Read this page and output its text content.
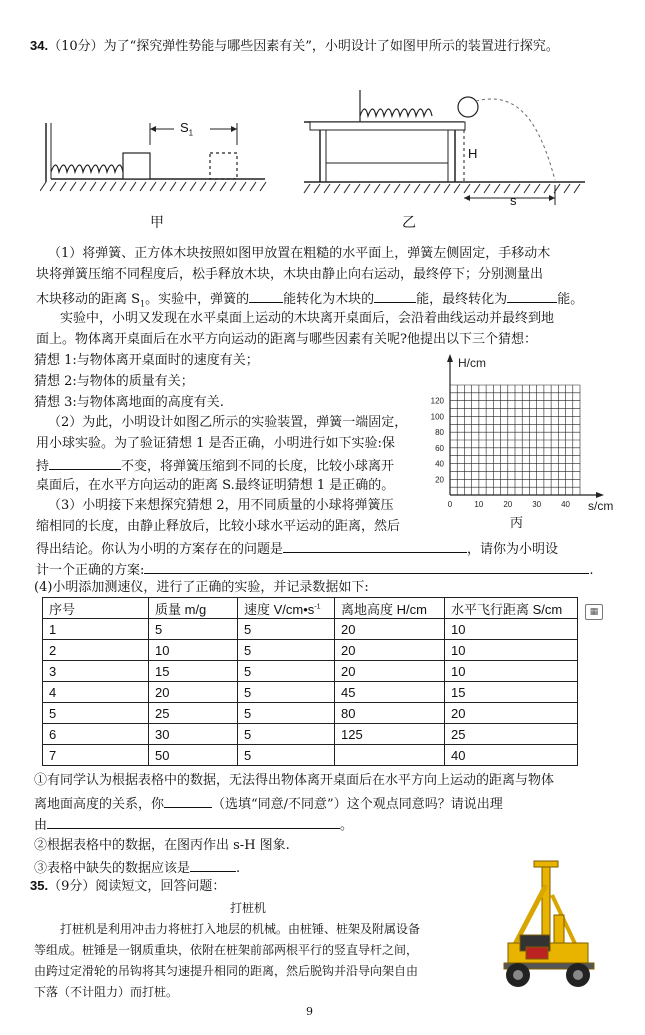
34.（10分）为了“探究弹性势能与哪些因素有关”，小明设计了如图甲所示的装置进行探究。
$S_1$
甲
H
s
乙
（1）将弹簧、正方体木块按照如图甲放置在粗糙的水平面上，弹簧左侧固定，手移动木
块将弹簧压缩不同程度后，松手释放木块，木块由静止向右运动，最终停下；分别测量出
木块移动的距离 $S_1$。实验中，弹簧的	能转化为木块的	能，最终转化为	能。
实验中，小明又发现在水平桌面上运动的木块离开桌面后，会沿着曲线运动并最终到地
面上。物体离开桌面后在水平方向运动的距离与哪些因素有关呢?他提出以下三个猜想：
猜想 1:与物体离开桌面时的速度有关；
猜想 2:与物体的质量有关；
猜想 3:与物体离地面的高度有关.
（2）为此，小明设计如图乙所示的实验装置，弹簧一端固定，
用小球实验。为了验证猜想 1 是否正确，小明进行如下实验:保
持	不变，将弹簧压缩到不同的长度，比较小球离开
桌面后，在水平方向运动的距离 S.最终证明猜想 1 是正确的。
（3）小明接下来想探究猜想 2，用不同质量的小球将弹簧压
缩相同的长度，由静止释放后，比较小球水平运动的距离，然后
得出结论。你认为小明的方案存在的问题是	，请你为小明设
计一个正确的方案:	.
(4)小明添加测速仪，进行了正确的实验，并记录数据如下:
120
100
80
60
40
20
0	10 20 30 40
H/cm
s/cm
丙
序号	质量 m/g	速度 $V/cm•s^{-1}$	离地高度 H/cm	水平飞行距离 S/cm
1	5	5	20	10
2	10	5	20	10
3	15	5	20	10
4	20	5	45	15
5	25	5	80	20
6	30	5	125	25
7	50	5		40
▦
①有同学认为根据表格中的数据，无法得出物体离开桌面后在水平方向上运动的距离与物体
离地面高度的关系，你	（选填“同意/不同意”）这个观点同意吗？请说出理
由	。
②根据表格中的数据，在图丙作出 s-H 图象.
③表格中缺失的数据应该是	.
35.（9分）阅读短文，回答问题：
打桩机
打桩机是利用冲击力将桩打入地层的机械。由桩锤、桩架及附属设备
等组成。桩锤是一钢质重块，依附在桩架前部两根平行的竖直导杆之间，
由跨过定滑轮的吊钩将其匀速提升相同的距离，然后脱钩并沿导向架自由
下落（不计阻力）而打桩。
9
